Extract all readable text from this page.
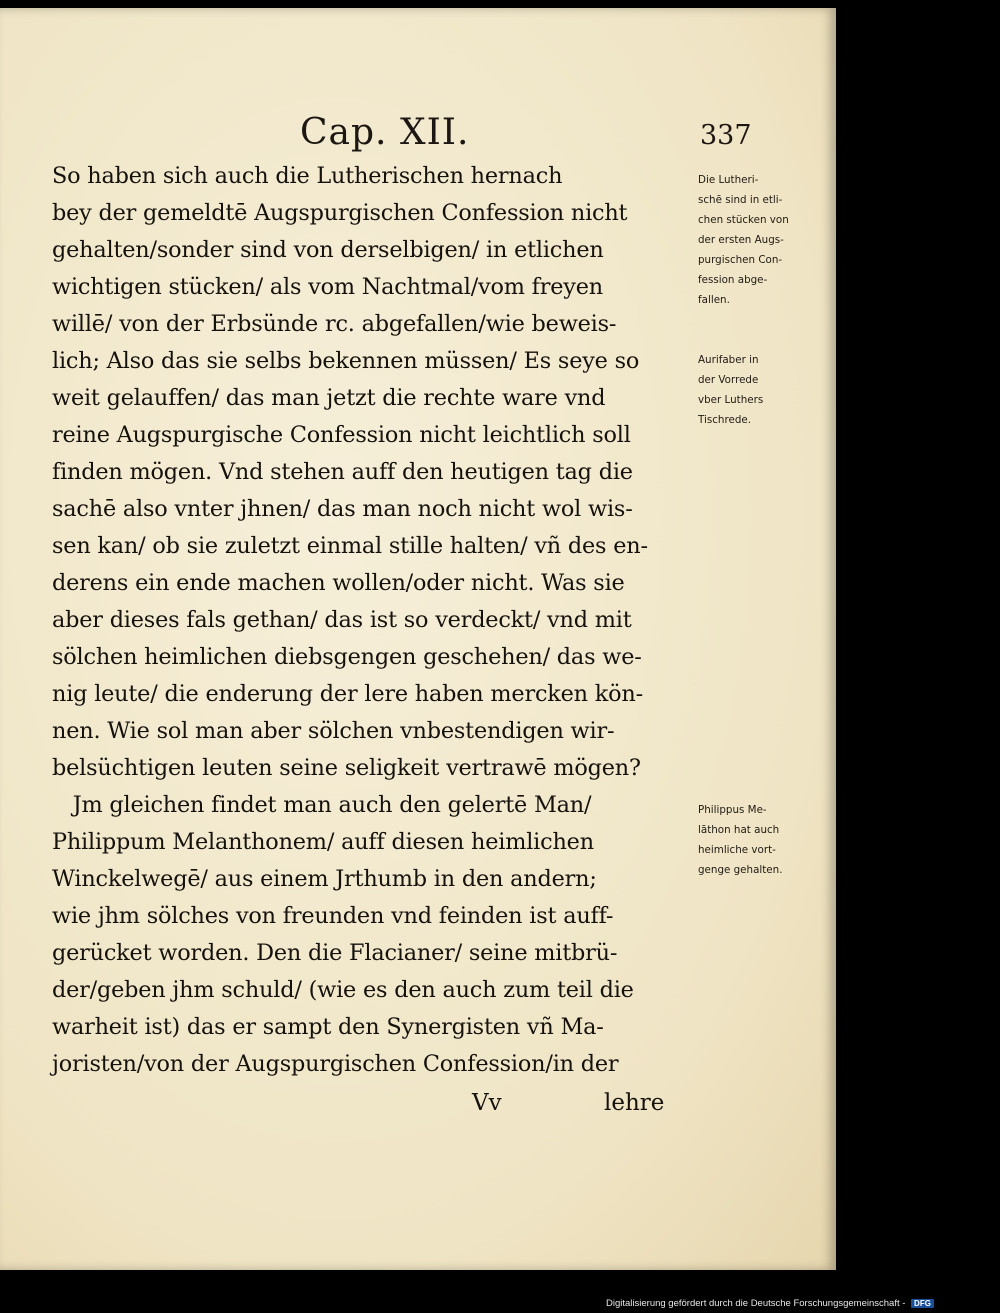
Cap. XII.	337
So haben sich auch die Lutherischen hernach
bey der gemeldtē Augspurgischen Confession nicht
gehalten/sonder sind von derselbigen/ in etlichen
wichtigen stücken/ als vom Nachtmal/vom freyen
willē/ von der Erbsünde rc. abgefallen/wie beweis-
lich; Also das sie selbs bekennen müssen/ Es seye so
weit gelauffen/ das man jetzt die rechte ware vnd
reine Augspurgische Confession nicht leichtlich soll
finden mögen. Vnd stehen auff den heutigen tag die
sachē also vnter jhnen/ das man noch nicht wol wis-
sen kan/ ob sie zuletzt einmal stille halten/ vñ des en-
derens ein ende machen wollen/oder nicht. Was sie
aber dieses fals gethan/ das ist so verdeckt/ vnd mit
sölchen heimlichen diebsgengen geschehen/ das we-
nig leute/ die enderung der lere haben mercken kön-
nen. Wie sol man aber sölchen vnbestendigen wir-
belsüchtigen leuten seine seligkeit vertrawē mögen?
Jm gleichen findet man auch den gelertē Man/
Philippum Melanthonem/ auff diesen heimlichen
Winckelwegē/ aus einem Jrthumb in den andern;
wie jhm sölches von freunden vnd feinden ist auff-
gerücket worden. Den die Flacianer/ seine mitbrü-
der/geben jhm schuld/ (wie es den auch zum teil die
warheit ist) das er sampt den Synergisten vñ Ma-
joristen/von der Augspurgischen Confession/in der
Vv	lehre
Die Lutheri-
schē sind in etli-
chen stücken von
der ersten Augs-
purgischen Con-
fession abge-
fallen.
Aurifaber in
der Vorrede
vber Luthers
Tischrede.
Philippus Me-
lāthon hat auch
heimliche vort-
genge gehalten.
Digitalisierung gefördert durch die Deutsche Forschungsgemeinschaft - DFG
